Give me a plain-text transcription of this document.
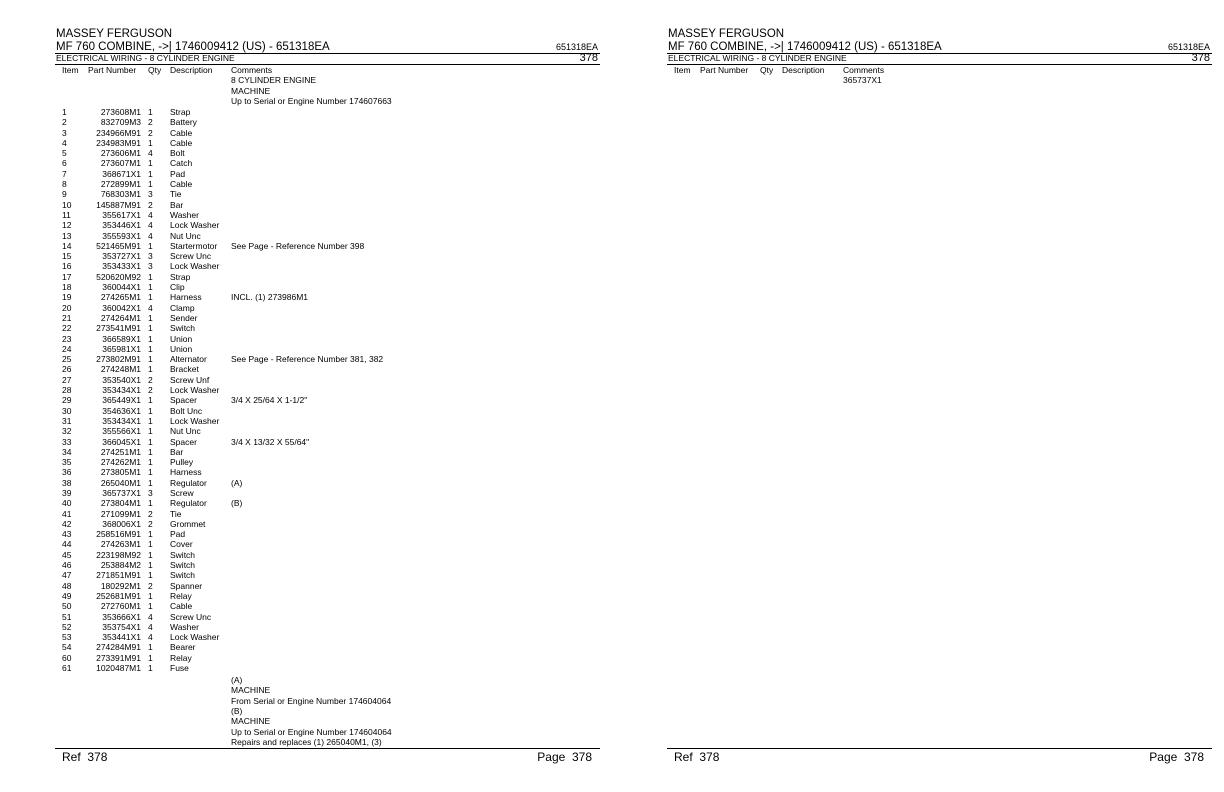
MASSEY FERGUSON
MF 760 COMBINE, ->| 1746009412 (US) - 651318EA	651318EA
ELECTRICAL WIRING - 8 CYLINDER ENGINE	378
Item Part Number Qty Description Comments
8 CYLINDER ENGINE
MACHINE
Up to Serial or Engine Number 174607663
1	273608M1 1 Strap
2	832709M3 2 Battery
3	234966M91 2 Cable
4	234983M91 1 Cable
5	273606M1 4 Bolt
6	273607M1 1 Catch
7	368671X1 1 Pad
8	272899M1 1 Cable
9	768303M1 3 Tie
10	145887M91 2 Bar
11	355617X1 4 Washer
12	353446X1 4 Lock Washer
13	355593X1 4 Nut Unc
14	521465M91 1 Startermotor See Page - Reference Number 398
15	353727X1 3 Screw Unc
16	353433X1 3 Lock Washer
17	520620M92 1 Strap
18	360044X1 1 Clip
19	274265M1 1 Harness	INCL. (1) 273986M1
20	360042X1 4 Clamp
21	274264M1 1 Sender
22	273541M91 1 Switch
23	366589X1 1 Union
24	365981X1 1 Union
25	273802M91 1 Alternator	See Page - Reference Number 381, 382
26	274248M1 1 Bracket
27	353540X1 2 Screw Unf
28	353434X1 2 Lock Washer
29	365449X1 1 Spacer	3/4 X 25/64 X 1-1/2"
30	354636X1 1 Bolt Unc
31	353434X1 1 Lock Washer
32	355566X1 1 Nut Unc
33	366045X1 1 Spacer	3/4 X 13/32 X 55/64"
34	274251M1 1 Bar
35	274262M1 1 Pulley
36	273805M1 1 Harness
38	265040M1 1 Regulator	(A)
39	365737X1 3 Screw
40	273804M1 1 Regulator	(B)
41	271099M1 2 Tie
42	368006X1 2 Grommet
43	258516M91 1 Pad
44	274263M1 1 Cover
45	223198M92 1 Switch
46	253884M2 1 Switch
47	271851M91 1 Switch
48	180292M1 2 Spanner
49	252681M91 1 Relay
50	272760M1 1 Cable
51	353666X1 4 Screw Unc
52	353754X1 4 Washer
53	353441X1 4 Lock Washer
54	274284M91 1 Bearer
60	273391M91 1 Relay
61	1020487M1 1 Fuse
(A)
MACHINE
From Serial or Engine Number 174604064
(B)
MACHINE
Up to Serial or Engine Number 174604064
Repairs and replaces (1) 265040M1, (3)
Ref  378	Page  378
MASSEY FERGUSON
MF 760 COMBINE, ->| 1746009412 (US) - 651318EA	651318EA
ELECTRICAL WIRING - 8 CYLINDER ENGINE	378
Item Part Number Qty Description Comments
365737X1
Ref  378	Page  378
